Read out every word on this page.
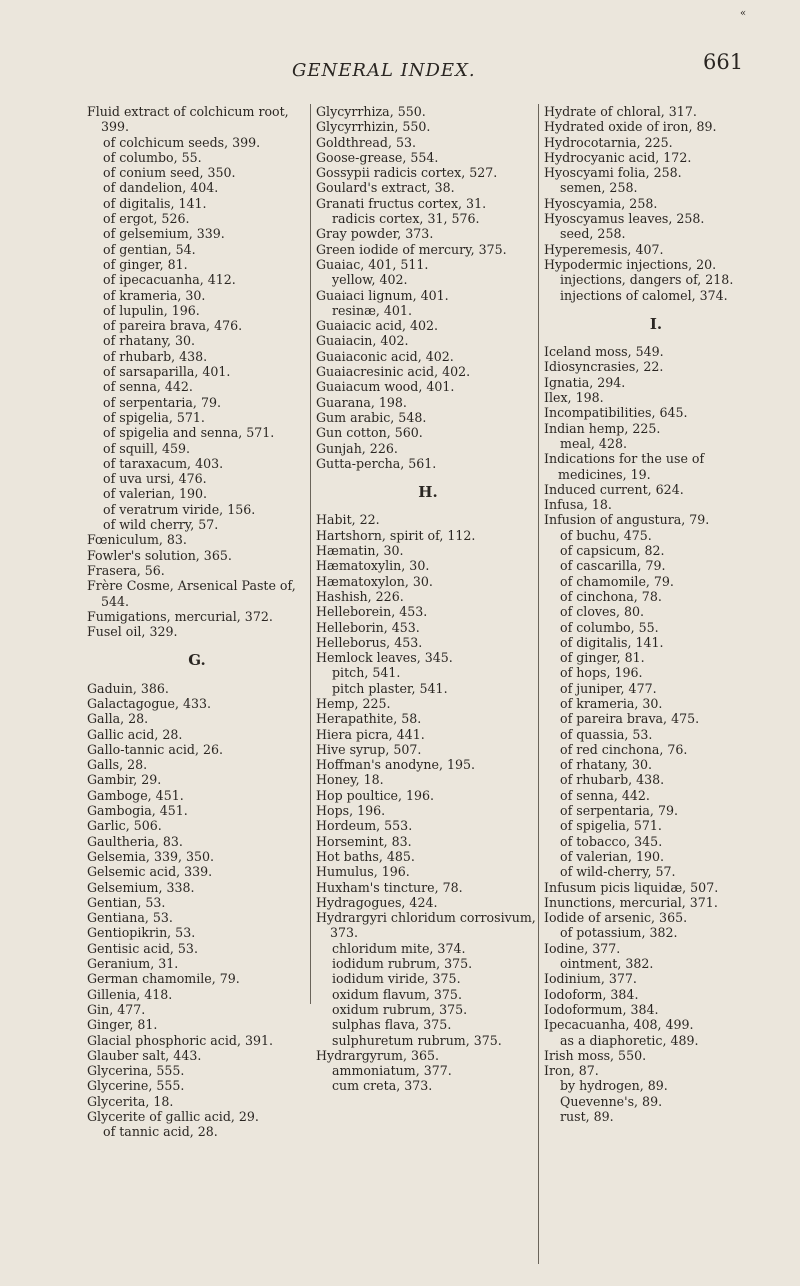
«
GENERAL INDEX.	661
Fluid extract of colchicum root, 399.
of colchicum seeds, 399.
of columbo, 55.
of conium seed, 350.
of dandelion, 404.
of digitalis, 141.
of ergot, 526.
of gelsemium, 339.
of gentian, 54.
of ginger, 81.
of ipecacuanha, 412.
of krameria, 30.
of lupulin, 196.
of pareira brava, 476.
of rhatany, 30.
of rhubarb, 438.
of sarsaparilla, 401.
of senna, 442.
of serpentaria, 79.
of spigelia, 571.
of spigelia and senna, 571.
of squill, 459.
of taraxacum, 403.
of uva ursi, 476.
of valerian, 190.
of veratrum viride, 156.
of wild cherry, 57.
Fœniculum, 83.
Fowler's solution, 365.
Frasera, 56.
Frère Cosme, Arsenical Paste of, 544.
Fumigations, mercurial, 372.
Fusel oil, 329.
G.
Gaduin, 386.
Galactagogue, 433.
Galla, 28.
Gallic acid, 28.
Gallo-tannic acid, 26.
Galls, 28.
Gambir, 29.
Gamboge, 451.
Gambogia, 451.
Garlic, 506.
Gaultheria, 83.
Gelsemia, 339, 350.
Gelsemic acid, 339.
Gelsemium, 338.
Gentian, 53.
Gentiana, 53.
Gentiopikrin, 53.
Gentisic acid, 53.
Geranium, 31.
German chamomile, 79.
Gillenia, 418.
Gin, 477.
Ginger, 81.
Glacial phosphoric acid, 391.
Glauber salt, 443.
Glycerina, 555.
Glycerine, 555.
Glycerita, 18.
Glycerite of gallic acid, 29.
of tannic acid, 28.
Glycyrrhiza, 550.
Glycyrrhizin, 550.
Goldthread, 53.
Goose-grease, 554.
Gossypii radicis cortex, 527.
Goulard's extract, 38.
Granati fructus cortex, 31.
radicis cortex, 31, 576.
Gray powder, 373.
Green iodide of mercury, 375.
Guaiac, 401, 511.
yellow, 402.
Guaiaci lignum, 401.
resinæ, 401.
Guaiacic acid, 402.
Guaiacin, 402.
Guaiaconic acid, 402.
Guaiacresinic acid, 402.
Guaiacum wood, 401.
Guarana, 198.
Gum arabic, 548.
Gun cotton, 560.
Gunjah, 226.
Gutta-percha, 561.
H.
Habit, 22.
Hartshorn, spirit of, 112.
Hæmatin, 30.
Hæmatoxylin, 30.
Hæmatoxylon, 30.
Hashish, 226.
Helleborein, 453.
Helleborin, 453.
Helleborus, 453.
Hemlock leaves, 345.
pitch, 541.
pitch plaster, 541.
Hemp, 225.
Herapathite, 58.
Hiera picra, 441.
Hive syrup, 507.
Hoffman's anodyne, 195.
Honey, 18.
Hop poultice, 196.
Hops, 196.
Hordeum, 553.
Horsemint, 83.
Hot baths, 485.
Humulus, 196.
Huxham's tincture, 78.
Hydragogues, 424.
Hydrargyri chloridum corrosivum, 373.
chloridum mite, 374.
iodidum rubrum, 375.
iodidum viride, 375.
oxidum flavum, 375.
oxidum rubrum, 375.
sulphas flava, 375.
sulphuretum rubrum, 375.
Hydrargyrum, 365.
ammoniatum, 377.
cum creta, 373.
Hydrate of chloral, 317.
Hydrated oxide of iron, 89.
Hydrocotarnia, 225.
Hydrocyanic acid, 172.
Hyoscyami folia, 258.
semen, 258.
Hyoscyamia, 258.
Hyoscyamus leaves, 258.
seed, 258.
Hyperemesis, 407.
Hypodermic injections, 20.
injections, dangers of, 218.
injections of calomel, 374.
I.
Iceland moss, 549.
Idiosyncrasies, 22.
Ignatia, 294.
Ilex, 198.
Incompatibilities, 645.
Indian hemp, 225.
meal, 428.
Indications for the use of medicines, 19.
Induced current, 624.
Infusa, 18.
Infusion of angustura, 79.
of buchu, 475.
of capsicum, 82.
of cascarilla, 79.
of chamomile, 79.
of cinchona, 78.
of cloves, 80.
of columbo, 55.
of digitalis, 141.
of ginger, 81.
of hops, 196.
of juniper, 477.
of krameria, 30.
of pareira brava, 475.
of quassia, 53.
of red cinchona, 76.
of rhatany, 30.
of rhubarb, 438.
of senna, 442.
of serpentaria, 79.
of spigelia, 571.
of tobacco, 345.
of valerian, 190.
of wild-cherry, 57.
Infusum picis liquidæ, 507.
Inunctions, mercurial, 371.
Iodide of arsenic, 365.
of potassium, 382.
Iodine, 377.
ointment, 382.
Iodinium, 377.
Iodoform, 384.
Iodoformum, 384.
Ipecacuanha, 408, 499.
as a diaphoretic, 489.
Irish moss, 550.
Iron, 87.
by hydrogen, 89.
Quevenne's, 89.
rust, 89.
